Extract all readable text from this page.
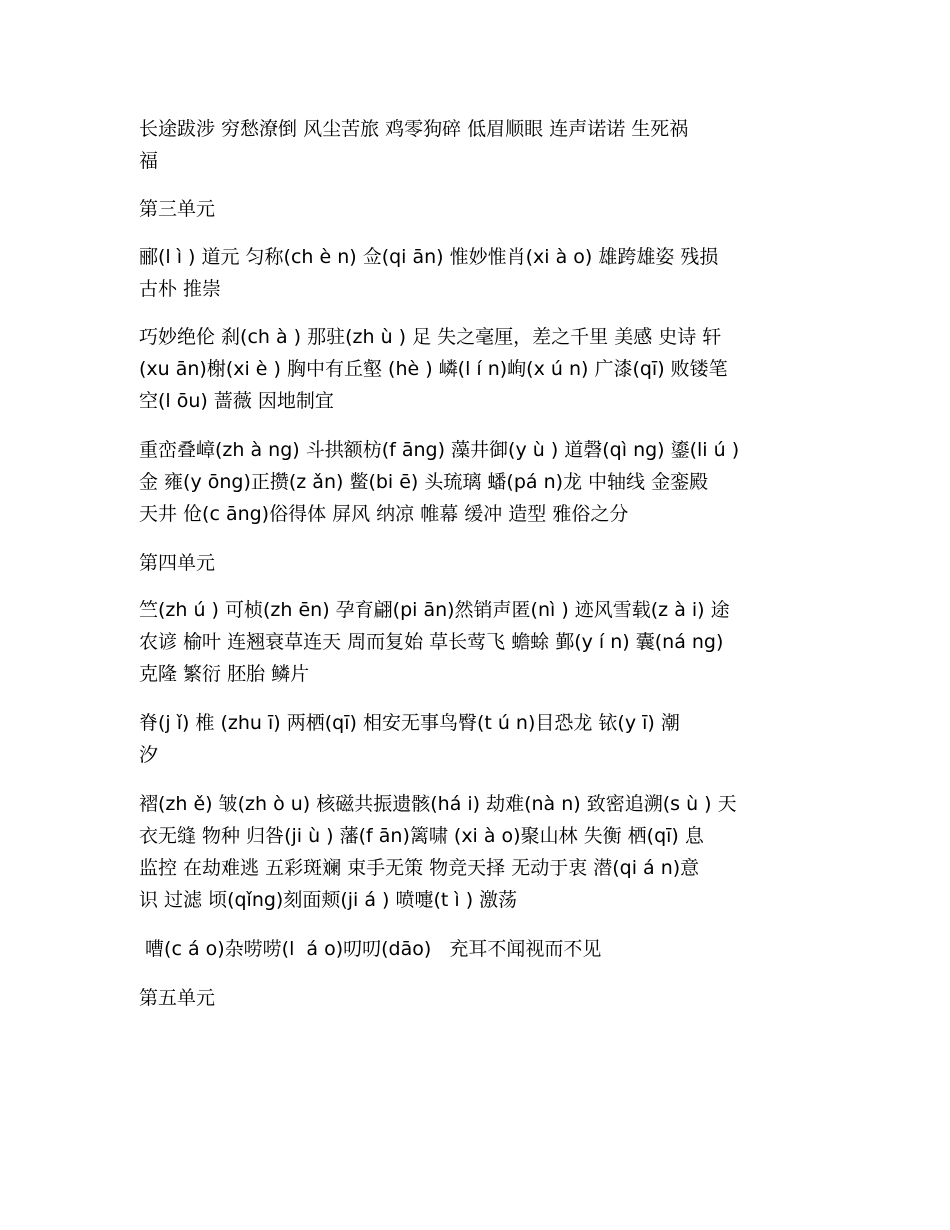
长途跋涉 穷愁潦倒 风尘苦旅 鸡零狗碎 低眉顺眼 连声诺诺 生死祸
福
第三单元
郦(l ì ) 道元 匀称(ch è n) 佥(qi ān) 惟妙惟肖(xi à o) 雄跨雄姿 残损
古朴 推崇
巧妙绝伦 刹(ch à ) 那驻(zh ù ) 足 失之毫厘，差之千里 美感 史诗 轩
(xu ān)榭(xi è ) 胸中有丘壑 (hè ) 嶙(l í n)峋(x ú n) 广漆(qī) 败镂笔
空(l ōu) 蔷薇 因地制宜
重峦叠嶂(zh à ng) 斗拱额枋(f āng) 藻井御(y ù ) 道磬(qì ng) 鎏(li ú )
金 雍(y ōng)正攒(z ǎn) 鳖(bi ē) 头琉璃 蟠(pá n)龙 中轴线 金銮殿
天井 伧(c āng)俗得体 屏风 纳凉 帷幕 缓冲 造型 雅俗之分
第四单元
竺(zh ú ) 可桢(zh ēn) 孕育翩(pi ān)然销声匿(nì ) 迹风雪载(z à i) 途
农谚 榆叶 连翘衰草连天 周而复始 草长莺飞 蟾蜍 鄞(y í n) 囊(ná ng)
克隆 繁衍 胚胎 鳞片
脊(j ǐ) 椎 (zhu ī) 两栖(qī) 相安无事鸟臀(t ú n)目恐龙 铱(y ī) 潮
汐
褶(zh ě) 皱(zh ò u) 核磁共振遗骸(há i) 劫难(nà n) 致密追溯(s ù ) 天
衣无缝 物种 归咎(ji ù ) 藩(f ān)篱啸 (xi à o)聚山林 失衡 栖(qī) 息
监控 在劫难逃 五彩斑斓 束手无策 物竞天择 无动于衷 潜(qi á n)意
识 过滤 顷(qǐng)刻面颊(ji á ) 喷嚏(t ì ) 激荡
嘈(c á o)杂唠唠(l  á o)叨叨(dāo)   充耳不闻视而不见
第五单元
